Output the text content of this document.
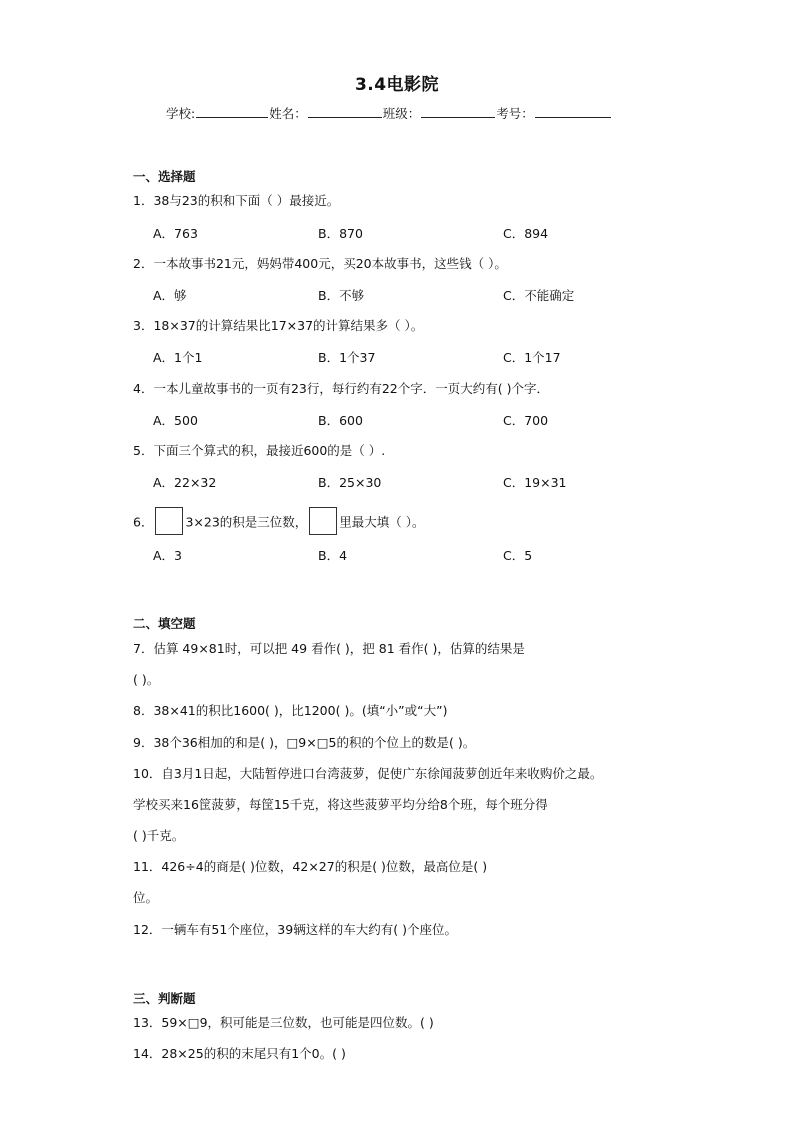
3.4电影院
学校:	姓名：	班级：	考号：
一、选择题
1．38与23的积和下面（ ）最接近。
A．763	B．870	C．894
2．一本故事书21元，妈妈带400元，买20本故事书，这些钱（ ）。
A．够	B．不够	C．不能确定
3．18×37的计算结果比17×37的计算结果多（ ）。
A．1个1	B．1个37	C．1个17
4．一本儿童故事书的一页有23行，每行约有22个字．一页大约有( )个字．
A．500	B．600	C．700
5．下面三个算式的积，最接近600的是（ ）.
A．22×32	B．25×30	C．19×31
6．	3×23的积是三位数，	里最大填（ ）。
A．3	B．4	C．5
二、填空题
7．估算 49×81时，可以把 49 看作( )，把 81 看作( )，估算的结果是
( )。
8．38×41的积比1600( )，比1200( )。(填“小”或“大”)
9．38个36相加的和是( )，□9×□5的积的个位上的数是( )。
10．自3月1日起，大陆暂停进口台湾菠萝，促使广东徐闻菠萝创近年来收购价之最。
学校买来16筐菠萝，每筐15千克，将这些菠萝平均分给8个班，每个班分得
( )千克。
11．426÷4的商是( )位数，42×27的积是( )位数，最高位是( )
位。
12．一辆车有51个座位，39辆这样的车大约有( )个座位。
三、判断题
13．59×□9，积可能是三位数，也可能是四位数。( )
14．28×25的积的末尾只有1个0。( )
